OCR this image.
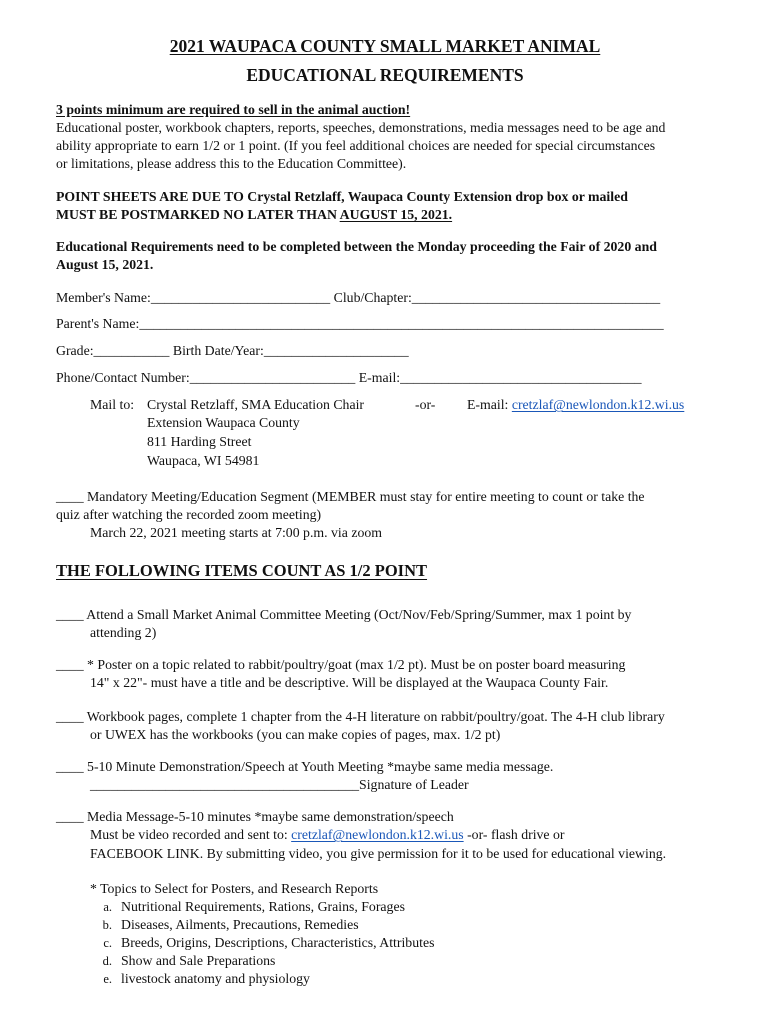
2021 WAUPACA COUNTY SMALL MARKET ANIMAL
EDUCATIONAL REQUIREMENTS
3 points minimum are required to sell in the animal auction!
Educational poster, workbook chapters, reports, speeches, demonstrations, media messages need to be age and
ability appropriate to earn 1/2 or 1 point. (If you feel additional choices are needed for special circumstances
or limitations, please address this to the Education Committee).
POINT SHEETS ARE DUE TO Crystal Retzlaff, Waupaca County Extension drop box or mailed
MUST BE POSTMARKED NO LATER THAN AUGUST 15, 2021.
Educational Requirements need to be completed between the Monday proceeding the Fair of 2020 and
August 15, 2021.
Member's Name:__________________________ Club/Chapter:____________________________________
Parent's Name:____________________________________________________________________________
Grade:___________ Birth Date/Year:_____________________
Phone/Contact Number:________________________ E-mail:___________________________________
Mail to: Crystal Retzlaff, SMA Education Chair
Extension Waupaca County
811 Harding Street
Waupaca, WI 54981
-or- E-mail: cretzlaf@newlondon.k12.wi.us
____ Mandatory Meeting/Education Segment (MEMBER must stay for entire meeting to count or take the
quiz after watching the recorded zoom meeting)
March 22, 2021 meeting starts at 7:00 p.m. via zoom
THE FOLLOWING ITEMS COUNT AS 1/2 POINT
____ Attend a Small Market Animal Committee Meeting (Oct/Nov/Feb/Spring/Summer, max 1 point by
attending 2)
____ * Poster on a topic related to rabbit/poultry/goat (max 1/2 pt). Must be on poster board measuring
14" x 22"- must have a title and be descriptive. Will be displayed at the Waupaca County Fair.
____ Workbook pages, complete 1 chapter from the 4-H literature on rabbit/poultry/goat. The 4-H club library
or UWEX has the workbooks (you can make copies of pages, max. 1/2 pt)
____ 5-10 Minute Demonstration/Speech at Youth Meeting *maybe same media message.
_______________________________________Signature of Leader
____ Media Message-5-10 minutes *maybe same demonstration/speech
Must be video recorded and sent to: cretzlaf@newlondon.k12.wi.us -or- flash drive or
FACEBOOK LINK. By submitting video, you give permission for it to be used for educational viewing.
* Topics to Select for Posters, and Research Reports
a. Nutritional Requirements, Rations, Grains, Forages
b. Diseases, Ailments, Precautions, Remedies
c. Breeds, Origins, Descriptions, Characteristics, Attributes
d. Show and Sale Preparations
e. livestock anatomy and physiology
